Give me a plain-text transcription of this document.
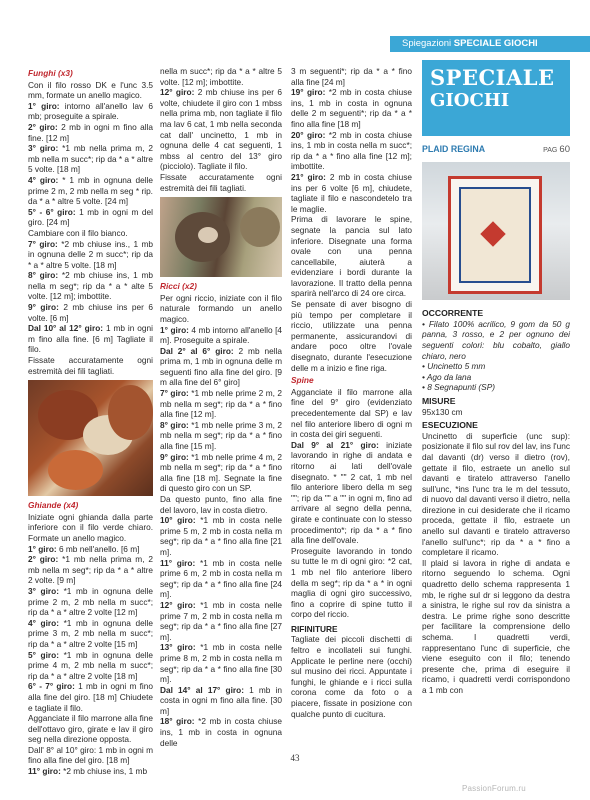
Spiegazioni SPECIALE GIOCHI
Funghi (x3)

Con il filo rosso DK e l'unc 3.5 mm, formate un anello magico.

1° giro: intorno all'anello lav 6 mb; proseguite a spirale.

2° giro: 2 mb in ogni m fino alla fine. [12 m]

3° giro: *1 mb nella prima m, 2 mb nella m succ*; rip da * a * altre 5 volte. [18 m]

4° giro: * 1 mb in ognuna delle prime 2 m, 2 mb nella m seg * rip. da * a * altre 5 volte. [24 m]

5° - 6° giro: 1 mb in ogni m del giro. [24 m]

Cambiare con il filo bianco.

7° giro: *2 mb chiuse ins., 1 mb in ognuna delle 2 m succ*; rip da * a * altre 5 volte. [18 m]

8° giro: *2 mb chiuse ins, 1 mb nella m seg*; rip da * a * alte 5 volte. [12 m]; imbottite.

9° giro: 2 mb chiuse ins per 6 volte. [6 m]

Dal 10° al 12° giro: 1 mb in ogni m fino alla fine. [6 m] Tagliate il filo.

Fissate accuratamente ogni estremità dei fili tagliati.

Ghiande (x4)

Iniziate ogni ghianda dalla parte inferiore con il filo verde chiaro. Formate un anello magico.

1° giro: 6 mb nell'anello. [6 m]

2° giro: *1 mb nella prima m, 2 mb nella m seg*; rip da * a * altre 2 volte. [9 m]

3° giro: *1 mb in ognuna delle prime 2 m, 2 mb nella m succ*; rip da * a * altre 2 volte [12 m]

4° giro: *1 mb in ognuna delle prime 3 m, 2 mb nella m succ*; rip da * a * altre 2 volte [15 m]

5° giro: *1 mb in ognuna delle prime 4 m, 2 mb nella m succ*; rip da * a * altre 2 volte [18 m]

6° - 7° giro: 1 mb in ogni m fino alla fine del giro. [18 m] Chiudete e tagliate il filo.

Agganciate il filo marrone alla fine dell'ottavo giro, girate e lav il giro seg nella direzione opposta.

Dall' 8° al 10° giro: 1 mb in ogni m fino alla fine del giro. [18 m]

11° giro: *2 mb chiuse ins, 1 mb

nella m succ*; rip da * a * altre 5 volte. [12 m]; imbottite.

12° giro: 2 mb chiuse ins per 6 volte, chiudete il giro con 1 mbss nella prima mb, non tagliate il filo ma lav 6 cat, 1 mb nella seconda cat dall' uncinetto, 1 mb in ognuna delle 4 cat seguenti, 1 mbss al centro del 13° giro (picciolo). Tagliate il filo.

Fissate accuratamente ogni estremità dei fili tagliati.

Ricci (x2)

Per ogni riccio, iniziate con il filo naturale formando un anello magico.

1° giro: 4 mb intorno all'anello [4 m]. Proseguite a spirale.

Dal 2° al 6° giro: 2 mb nella prima m, 1 mb in ognuna delle m seguenti fino alla fine del giro. [9 m alla fine del 6° giro]

7° giro: *1 mb nelle prime 2 m, 2 mb nella m seg*; rip da * a * fino alla fine [12 m].

8° giro: *1 mb nelle prime 3 m, 2 mb nella m seg*; rip da * a * fino alla fine [15 m].

9° giro: *1 mb nelle prime 4 m, 2 mb nella m seg*; rip da * a * fino alla fine [18 m]. Segnate la fine di questo giro con un SP.

Da questo punto, fino alla fine del lavoro, lav in costa dietro.

10° giro: *1 mb in costa nelle prime 5 m, 2 mb in costa nella m seg*; rip da * a * fino alla fine [21 m].

11° giro: *1 mb in costa nelle prime 6 m, 2 mb in costa nella m seg*; rip da * a * fino alla fine [24 m].

12° giro: *1 mb in costa nelle prime 7 m, 2 mb in costa nella m seg*; rip da * a * fino alla fine [27 m].

13° giro: *1 mb in costa nelle prime 8 m, 2 mb in costa nella m seg*; rip da * a * fino alla fine [30 m].

Dal 14° al 17° giro: 1 mb in costa in ogni m fino alla fine. [30 m]

18° giro: *2 mb in costa chiuse ins, 1 mb in costa in ognuna delle

3 m seguenti*; rip da * a * fino alla fine [24 m]

19° giro: *2 mb in costa chiuse ins, 1 mb in costa in ognuna delle 2 m seguenti*; rip da * a * fino alla fine [18 m]

20° giro: *2 mb in costa chiuse ins, 1 mb in costa nella m succ*; rip da * a * fino alla fine [12 m]; imbottite.

21° giro: 2 mb in costa chiuse ins per 6 volte [6 m], chiudete, tagliate il filo e nascondetelo tra le maglie.

Prima di lavorare le spine, segnate la pancia sul lato inferiore. Disegnate una forma ovale con una penna cancellabile, aiuterà a evidenziare i bordi durante la lavorazione. Il tratto della penna sparirà nell'arco di 24 ore circa.

Se pensate di aver bisogno di più tempo per completare il riccio, utilizzate una penna permanente, assicurandovi di andare poco oltre l'ovale disegnato, durante l'esecuzione delle m a inizio e fine riga.

Spine

Agganciate il filo marrone alla fine del 9° giro (evidenziato precedentemente dal SP) e lav nel filo anteriore libero di ogni m in costa dei giri seguenti.

Dal 9° al 21° giro: iniziate lavorando in righe di andata e ritorno ai lati dell'ovale disegnato. * "" 2 cat, 1 mb nel filo anteriore libero della m seg ""; rip da "" a "" in ogni m, fino ad arrivare al segno della penna, girate e continuate con lo stesso procedimento*; rip da * a * fino alla fine dell'ovale.

Proseguite lavorando in tondo su tutte le m di ogni giro: *2 cat, 1 mb nel filo anteriore libero della m seg*; rip da * a * in ogni maglia di ogni giro successivo, fino a coprire di spine tutto il corpo del riccio.

RIFINITURE

Tagliate dei piccoli dischetti di feltro e incollateli sui funghi. Applicate le perline nere (occhi) sul musino dei ricci. Appuntate i funghi, le ghiande e i ricci sulla corona come da foto o a piacere, fissate in posizione con qualche punto di cucitura.

SPECIALE
GIOCHI
PLAID REGINA	PAG 60
OCCORRENTE

• Filato 100% acrilico, 9 gom da 50 g panna, 3 rosso, e 2 per ognuno dei seguenti colori: blu cobalto, giallo chiaro, nero

• Uncinetto 5 mm

• Ago da lana

• 8 Segnapunti (SP)

MISURE
95x130 cm
ESECUZIONE

Uncinetto di superficie (unc sup): posizionate il filo sul rov del lav, ins l'unc dal davanti (dr) verso il dietro (rov), gettate il filo, estraete un anello sul davanti e tiratelo attraverso l'anello sull'unc, *ins l'unc tra le m del tessuto, di nuovo dal davanti verso il dietro, nella direzione in cui desiderate che il ricamo proceda, gettate il filo, estraete un anello sul davanti e tiratelo attraverso l'anello sull'unc*; rip da * a * fino a completare il ricamo.

Il plaid si lavora in righe di andata e ritorno seguendo lo schema. Ogni quadretto dello schema rappresenta 1 mb, le righe sul dr si leggono da destra a sinistra, le righe sul rov da sinistra a destra. Le prime righe sono descritte per facilitare la comprensione dello schema. I quadretti verdi, rappresentano l'unc di superficie, che viene eseguito con il filo; tenendo presente che, prima di eseguire il ricamo, i quadretti verdi corrispondono a 1 mb con

43
PassionForum.ru
